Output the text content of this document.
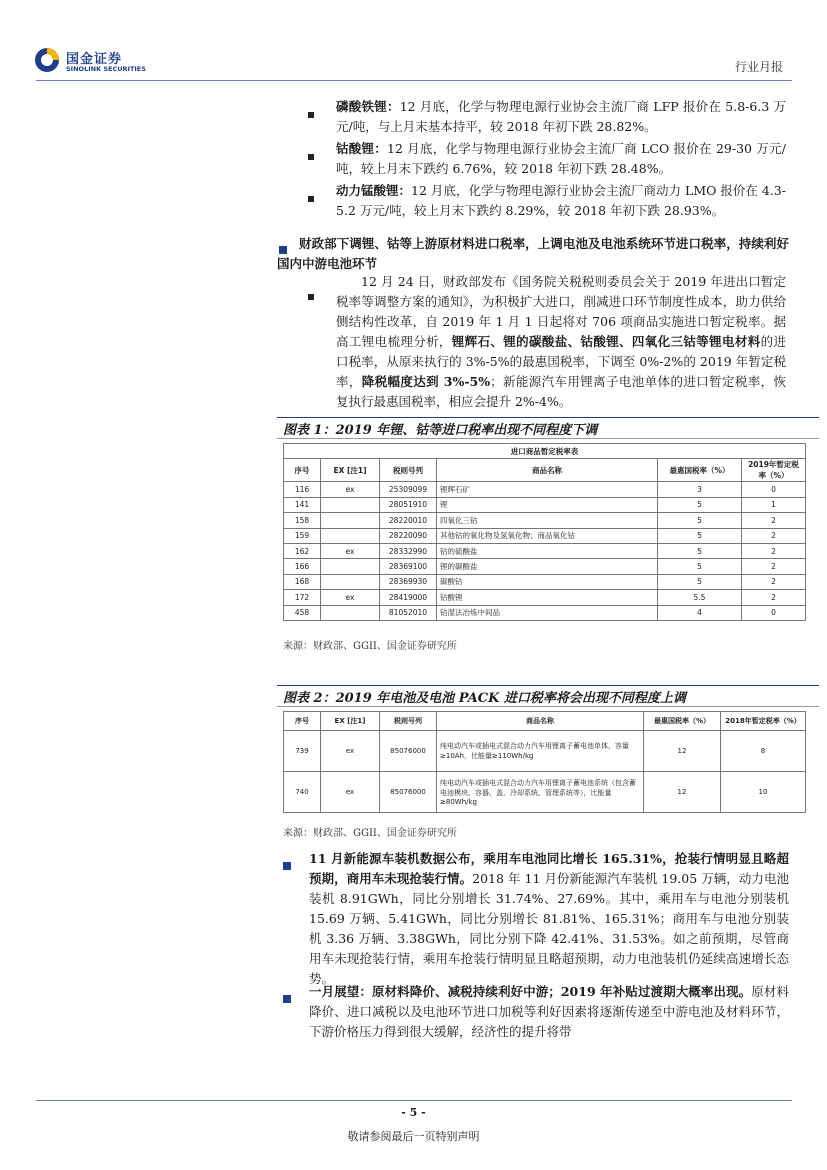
国金证券
SINOLINK SECURITIES	行业月报
磷酸铁锂：12 月底，化学与物理电源行业协会主流厂商 LFP 报价在 5.8-6.3 万元/吨，与上月末基本持平，较 2018 年初下跌 28.82%。
钴酸锂：12 月底，化学与物理电源行业协会主流厂商 LCO 报价在 29-30 万元/吨，较上月末下跌约 6.76%，较 2018 年初下跌 28.48%。
动力锰酸锂：12 月底，化学与物理电源行业协会主流厂商动力 LMO 报价在 4.3-5.2 万元/吨，较上月末下跌约 8.29%，较 2018 年初下跌 28.93%。
财政部下调锂、钴等上游原材料进口税率，上调电池及电池系统环节进口税率，持续利好国内中游电池环节
12 月 24 日，财政部发布《国务院关税税则委员会关于 2019 年进出口暂定税率等调整方案的通知》，为积极扩大进口，削减进口环节制度性成本，助力供给侧结构性改革，自 2019 年 1 月 1 日起将对 706 项商品实施进口暂定税率。据高工锂电梳理分析，锂辉石、锂的碳酸盐、钴酸锂、四氧化三钴等锂电材料的进口税率，从原来执行的 3%-5%的最惠国税率，下调至 0%-2%的 2019 年暂定税率，降税幅度达到 3%-5%；新能源汽车用锂离子电池单体的进口暂定税率，恢复执行最惠国税率，相应会提升 2%-4%。
图表 1：2019 年锂、钴等进口税率出现不同程度下调
进口商品暂定税率表					
序号	EX [注1]	税则号列	商品名称	最惠国税率（%）	2019年暂定税率（%）
116	ex	25309099	锂辉石矿	3	0
141		28051910	锂	5	1
158		28220010	四氧化三钴	5	2
159		28220090	其他钴的氧化物及氢氧化物；商品氧化钴	5	2
162	ex	28332990	钴的硫酸盐	5	2
166		28369100	锂的碳酸盐	5	2
168		28369930	碳酸钴	5	2
172	ex	28419000	钴酸锂	5.5	2
458		81052010	钴湿法冶炼中间品	4	0
来源：财政部、GGII、国金证券研究所
图表 2：2019 年电池及电池 PACK 进口税率将会出现不同程度上调
序号	EX [注1]	税则号列	商品名称	最惠国税率（%）	2018年暂定税率（%）
739	ex	85076000	纯电动汽车或插电式混合动力汽车用锂离子蓄电池单体，容量≥10Ah，比能量≥110Wh/kg	12	8
740	ex	85076000	纯电动汽车或插电式混合动力汽车用锂离子蓄电池系统（包含蓄电池模块、容器、盖、冷却系统、管理系统等），比能量≥80Wh/kg	12	10
来源：财政部、GGII、国金证券研究所
11 月新能源车装机数据公布，乘用车电池同比增长 165.31%，抢装行情明显且略超预期，商用车未现抢装行情。2018 年 11 月份新能源汽车装机 19.05 万辆，动力电池装机 8.91GWh，同比分别增长 31.74%、27.69%。其中，乘用车与电池分别装机 15.69 万辆、5.41GWh，同比分别增长 81.81%、165.31%；商用车与电池分别装机 3.36 万辆、3.38GWh，同比分别下降 42.41%、31.53%。如之前预期，尽管商用车未现抢装行情，乘用车抢装行情明显且略超预期，动力电池装机仍延续高速增长态势。
一月展望：原材料降价、减税持续利好中游；2019 年补贴过渡期大概率出现。原材料降价、进口减税以及电池环节进口加税等利好因素将逐渐传递至中游电池及材料环节，下游价格压力得到很大缓解，经济性的提升将带
- 5 -
敬请参阅最后一页特别声明
